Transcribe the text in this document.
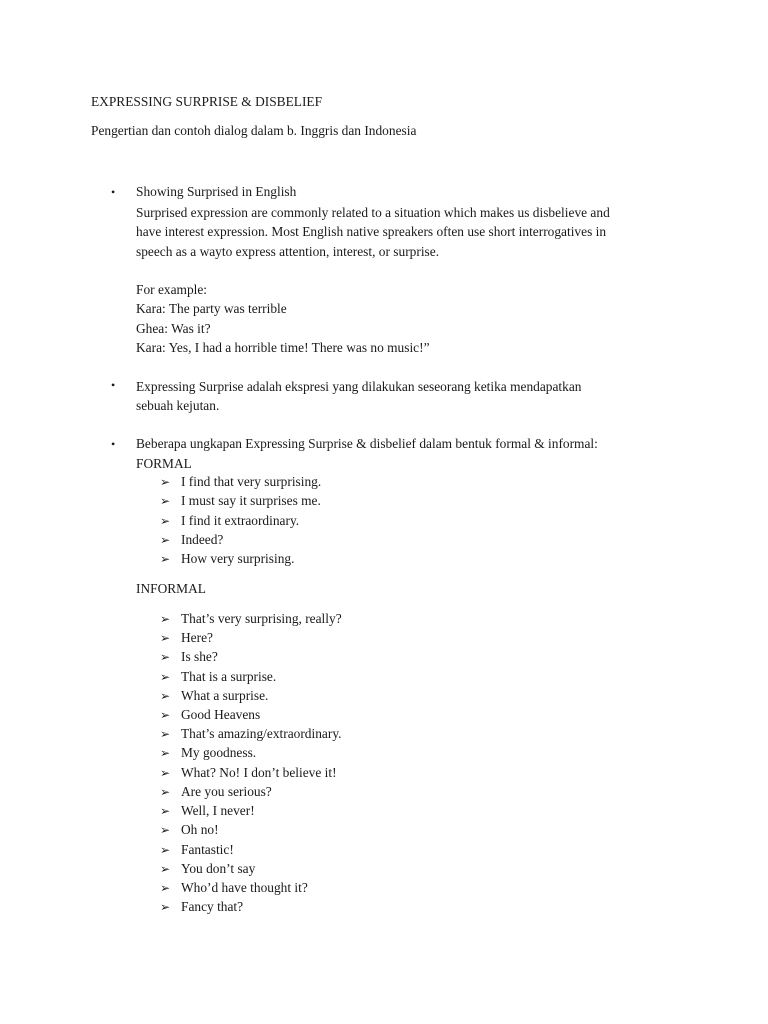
EXPRESSING SURPRISE & DISBELIEF
Pengertian dan contoh dialog dalam b. Inggris dan Indonesia
• Showing Surprised in English
Surprised expression are commonly related to a situation which makes us disbelieve and
have interest expression. Most English native spreakers often use short interrogatives in
speech as a wayto express attention, interest, or surprise.
For example:
Kara: The party was terrible
Ghea: Was it?
Kara: Yes, I had a horrible time! There was no music!”
• Expressing Surprise adalah ekspresi yang dilakukan seseorang ketika mendapatkan
sebuah kejutan.
• Beberapa ungkapan Expressing Surprise & disbelief dalam bentuk formal & informal:
FORMAL
➢ I find that very surprising.
➢ I must say it surprises me.
➢ I find it extraordinary.
➢ Indeed?
➢ How very surprising.
INFORMAL
➢ That’s very surprising, really?
➢ Here?
➢ Is she?
➢ That is a surprise.
➢ What a surprise.
➢ Good Heavens
➢ That’s amazing/extraordinary.
➢ My goodness.
➢ What? No! I don’t believe it!
➢ Are you serious?
➢ Well, I never!
➢ Oh no!
➢ Fantastic!
➢ You don’t say
➢ Who’d have thought it?
➢ Fancy that?
